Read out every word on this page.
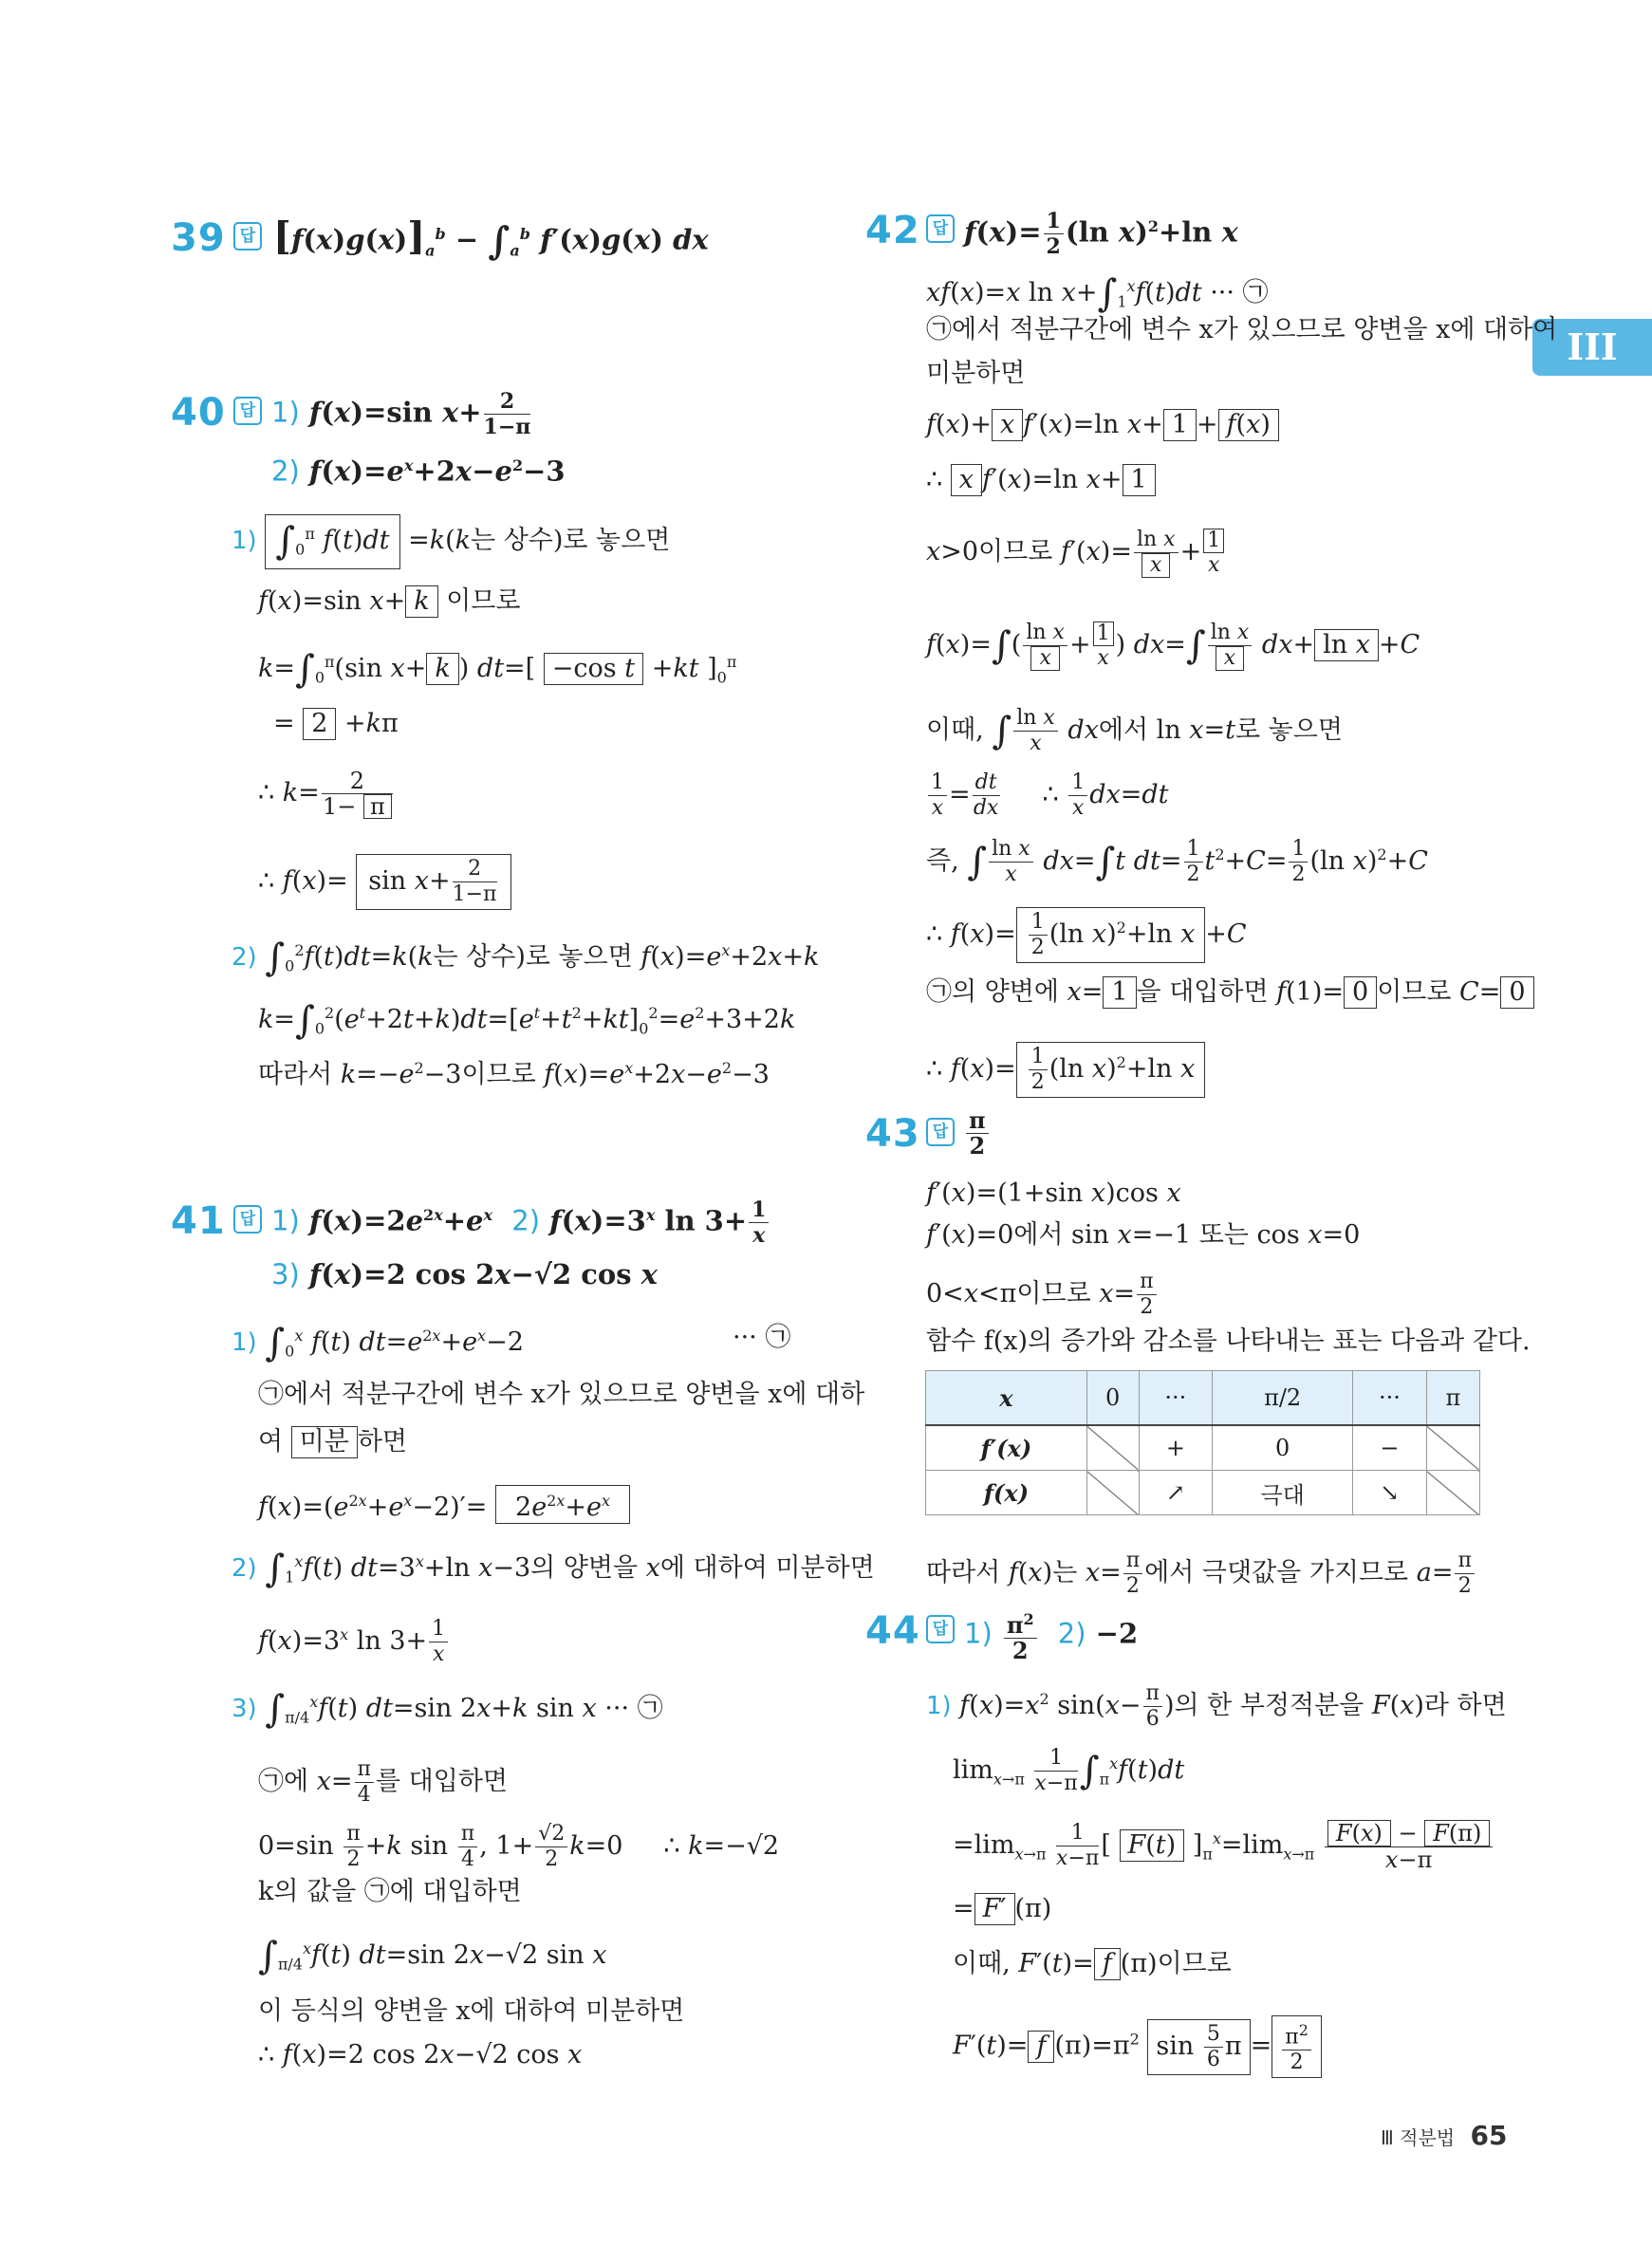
III
39 답 $[f(x)g(x)]_a^b - \int_a^b$ f′(x)g(x) dx
40 답 1) f(x)=sin $x+ \frac{2}{1-\pi}$
2) $f(x)=e^x+2x-e^2-3$
1) $\int_0^\pi$ f(t)dt =k(k는 상수)로 놓으면
f(x)=sin x+ k 이므로
$k=\int_0^\pi(\sin$ x+ k ) dt=[ −cos t +kt ]$_0^\pi$
= 2 +kπ
∴ $k= \frac{2}{1- \pi}$
∴ $f(x)= \sin x+ \frac{2}{1-\pi}$
2) $\int_0^2f(t)dt=k(k$는 상수)로 놓으면 $f(x)=e^x+2x+k$
$k=\int_0^2(e^t+2t+k)dt=[e^t+t^2+kt]_0^2=e^2+3+2k$
따라서 $k=-e^2-3$이므로 $f(x)=e^x+2x-e^2-3$
41 답 1) $f(x)=2e^{2x}+e^x$ 2) $f(x)=3^x$ $\ln 3+ \frac{1}{x}$
3) f(x)=2 cos 2x−√2 cos x
1) $\int_0^x$ f(t) $dt=e^{2x}+e^x-2$	··· ㉠
㉠에서 적분구간에 변수 x가 있으므로 양변을 x에 대하
여 미분 하면
$f(x)=(e^{2x}+e^x-2)'= 2e^{2x}+e^x$
2) $\int_1^xf(t)$ $dt=3^x+\ln$ x−3의 양변을 x에 대하여 미분하면
$f(x)=3^x$ $\ln 3+ \frac{1}{x}$
3) $\int_{\pi/4}^xf(t)$ dt=sin 2x+k sin x ··· ㉠
㉠에 $x= \frac{\pi}{4}$ 를 대입하면
$0=\sin \frac{\pi}{2} +k$ $\sin \frac{\pi}{4}$ , $1+ \frac{√2}{2} k=0$     ∴ k=−√2
k의 값을 ㉠에 대입하면
$\int_{\pi/4}^xf(t)$ dt=sin 2x−√2 sin x
이 등식의 양변을 x에 대하여 미분하면
∴ f(x)=2 cos 2x−√2 cos x
42 답 $f(x)= \frac{1}{2} (\ln$ x)$^2$+ln x
xf(x)=x $\ln x+\int_1^xf(t)dt$ ··· ㉠
㉠에서 적분구간에 변수 x가 있으므로 양변을 x에 대하여
미분하면
f(x)+ x f′(x)=ln x+ 1 + f(x)
∴ x f′(x)=ln x+ 1
x>0이므로 $f'(x)= \frac{\text{ln x}}{x} +\frac{1}{x}$
$f(x)=\int( \frac{\text{ln x}}{x} +\frac{1}{x}$ ) $dx=\int \frac{\text{ln x}}{x} dx+ \ln x +C$
이때, ∫ $\frac{\text{ln x}}{x}$ dx에서 ln x=t로 놓으면
$\frac{1}{x} = \frac{dt}{dx}$ ∴ $\frac{1}{x} dx=dt$
즉, ∫ $\frac{\text{ln x}}{x} dx=\int t$ $dt= \frac{1}{2} t^2+C= \frac{1}{2} (\ln$ x)$^2$+C
∴ $f(x)= \frac{1}{2} (\ln$ x)$^2$+ln x +C
㉠의 양변에 x= 1 을 대입하면 f(1)= 0 이므로 C= 0
∴ $f(x)= \frac{1}{2} (\ln$ x)$^2$+ln x
43 답 $\frac{\pi}{2}$
f′(x)=(1+sin x)cos x
f′(x)=0에서 sin x=−1 또는 cos x=0
0<x<π이므로 $x= \frac{\pi}{2}$
함수 f(x)의 증가와 감소를 나타내는 표는 다음과 같다.
x	0	···	π/2	···	π
f′(x)		+	0	−	
f(x)		↗	극대	↘	
따라서 f(x)는 $x= \frac{\pi}{2}$ 에서 극댓값을 가지므로 $a= \frac{\pi}{2}$
44 답 $1) \frac{\pi^2}{2} 2) -2$
1) $f(x)=x^2$ $\sin(x- \frac{\pi}{6}$ )의 한 부정적분을 F(x)라 하면
$\lim_{x\to\pi} \frac{1}{x-\pi} \int_\pi^xf(t)dt$
$=\lim_{x\to\pi} \frac{1}{x-\pi}$ [ F(t) ]$_\pi^x=\lim_{x\to\pi} \frac{F(x) - F(\pi)}{x-\pi}$
= F′ (π)
이때, F′(t)= f (π)이므로
F′(t)= f $(\pi)=\pi^2$ $\sin \frac{5}{6}$ $\pi = \frac{\pi^2}{2}$
Ⅲ 적분법 65
